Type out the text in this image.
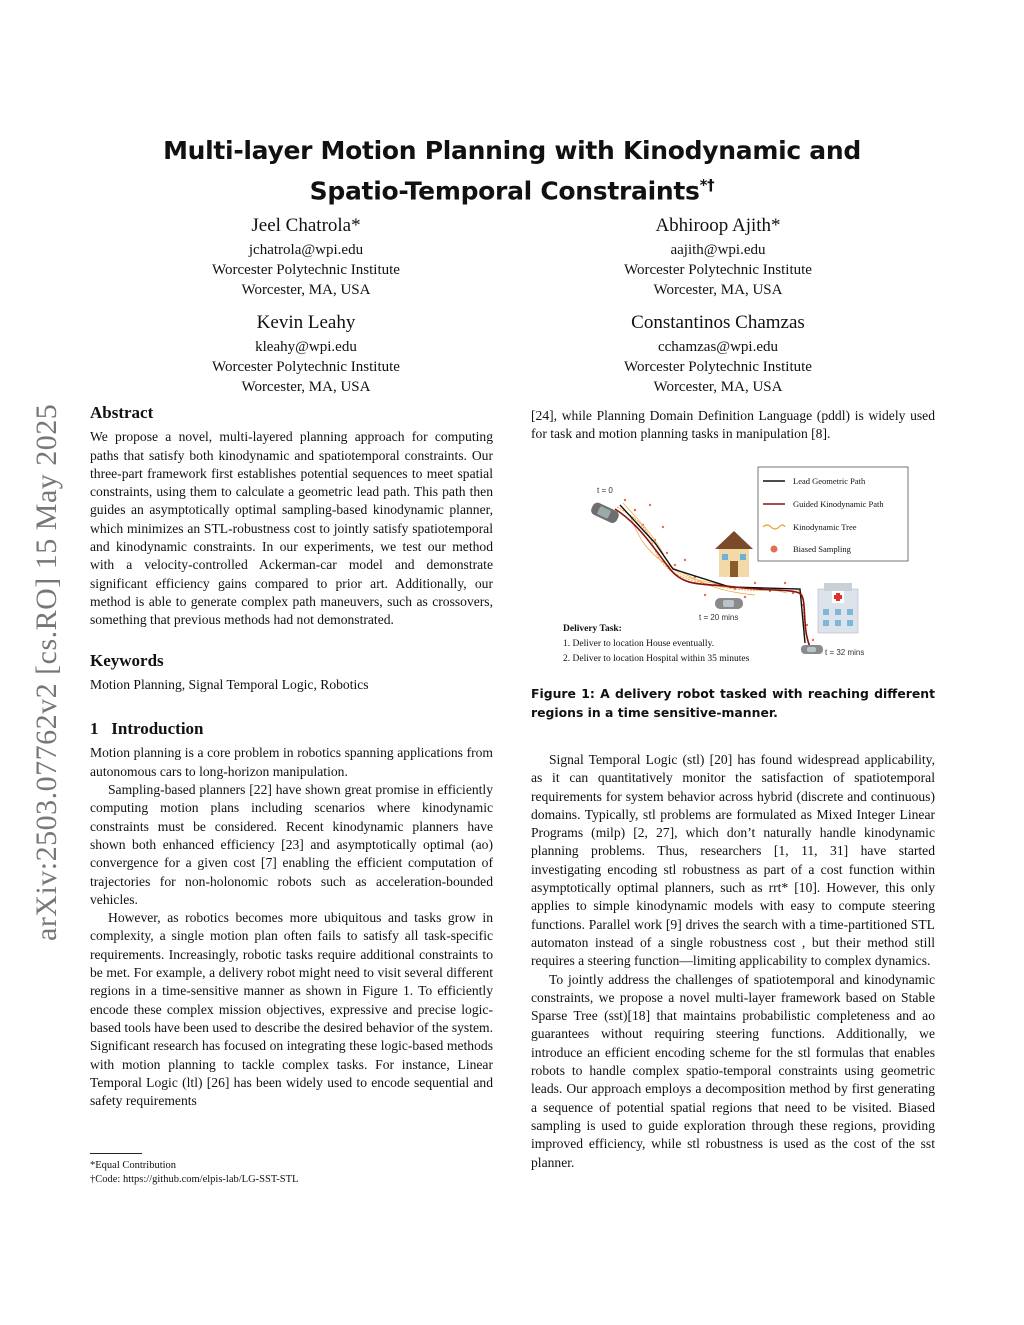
arXiv:2503.07762v2 [cs.RO] 15 May 2025
Multi-layer Motion Planning with Kinodynamic and
Spatio-Temporal Constraints*†
Jeel Chatrola*
jchatrola@wpi.edu
Worcester Polytechnic Institute
Worcester, MA, USA
Abhiroop Ajith*
aajith@wpi.edu
Worcester Polytechnic Institute
Worcester, MA, USA
Kevin Leahy
kleahy@wpi.edu
Worcester Polytechnic Institute
Worcester, MA, USA
Constantinos Chamzas
cchamzas@wpi.edu
Worcester Polytechnic Institute
Worcester, MA, USA
Abstract

We propose a novel, multi-layered planning approach for computing paths that satisfy both kinodynamic and spatiotemporal constraints. Our three-part framework first establishes potential sequences to meet spatial constraints, using them to calculate a geometric lead path. This path then guides an asymptotically optimal sampling-based kinodynamic planner, which minimizes an STL-robustness cost to jointly satisfy spatiotemporal and kinodynamic constraints. In our experiments, we test our method with a velocity-controlled Ackerman-car model and demonstrate significant efficiency gains compared to prior art. Additionally, our method is able to generate complex path maneuvers, such as crossovers, something that previous methods had not demonstrated.

Keywords

Motion Planning, Signal Temporal Logic, Robotics

1 Introduction

Motion planning is a core problem in robotics spanning applications from autonomous cars to long-horizon manipulation.

Sampling-based planners [22] have shown great promise in efficiently computing motion plans including scenarios where kinodynamic constraints must be considered. Recent kinodynamic planners have shown both enhanced efficiency [23] and asymptotically optimal (ao) convergence for a given cost [7] enabling the efficient computation of trajectories for non-holonomic robots such as acceleration-bounded vehicles.

However, as robotics becomes more ubiquitous and tasks grow in complexity, a single motion plan often fails to satisfy all task-specific requirements. Increasingly, robotic tasks require additional constraints to be met. For example, a delivery robot might need to visit several different regions in a time-sensitive manner as shown in Figure 1. To efficiently encode these complex mission objectives, expressive and precise logic-based tools have been used to describe the desired behavior of the system. Significant research has focused on integrating these logic-based methods with motion planning to tackle complex tasks. For instance, Linear Temporal Logic (ltl) [26] has been widely used to encode sequential and safety requirements

*Equal Contribution
†Code: https://github.com/elpis-lab/LG-SST-STL

[24], while Planning Domain Definition Language (pddl) is widely used for task and motion planning tasks in manipulation [8].

t = 0
t = 20 mins
t = 32 mins
Lead Geometric Path
Guided Kinodynamic Path
Kinodynamic Tree
Biased Sampling
Delivery Task:
1. Deliver to location House eventually.
2. Deliver to location Hospital within 35 minutes
Figure 1: A delivery robot tasked with reaching different regions in a time sensitive-manner.

Signal Temporal Logic (stl) [20] has found widespread applicability, as it can quantitatively monitor the satisfaction of spatiotemporal requirements for system behavior across hybrid (discrete and continuous) domains. Typically, stl problems are formulated as Mixed Integer Linear Programs (milp) [2, 27], which don’t naturally handle kinodynamic planning problems. Thus, researchers [1, 11, 31] have started investigating encoding stl robustness as part of a cost function within asymptotically optimal planners, such as rrt* [10]. However, this only applies to simple kinodynamic models with easy to compute steering functions. Parallel work [9] drives the search with a time-partitioned STL automaton instead of a single robustness cost , but their method still requires a steering function—limiting applicability to complex dynamics.

To jointly address the challenges of spatiotemporal and kinodynamic constraints, we propose a novel multi-layer framework based on Stable Sparse Tree (sst)[18] that maintains probabilistic completeness and ao guarantees without requiring steering functions. Additionally, we introduce an efficient encoding scheme for the stl formulas that enables robots to handle complex spatio-temporal constraints using geometric leads. Our approach employs a decomposition method by first generating a sequence of potential spatial regions that need to be visited. Biased sampling is used to guide exploration through these regions, providing improved efficiency, while stl robustness is used as the cost of the sst planner.
